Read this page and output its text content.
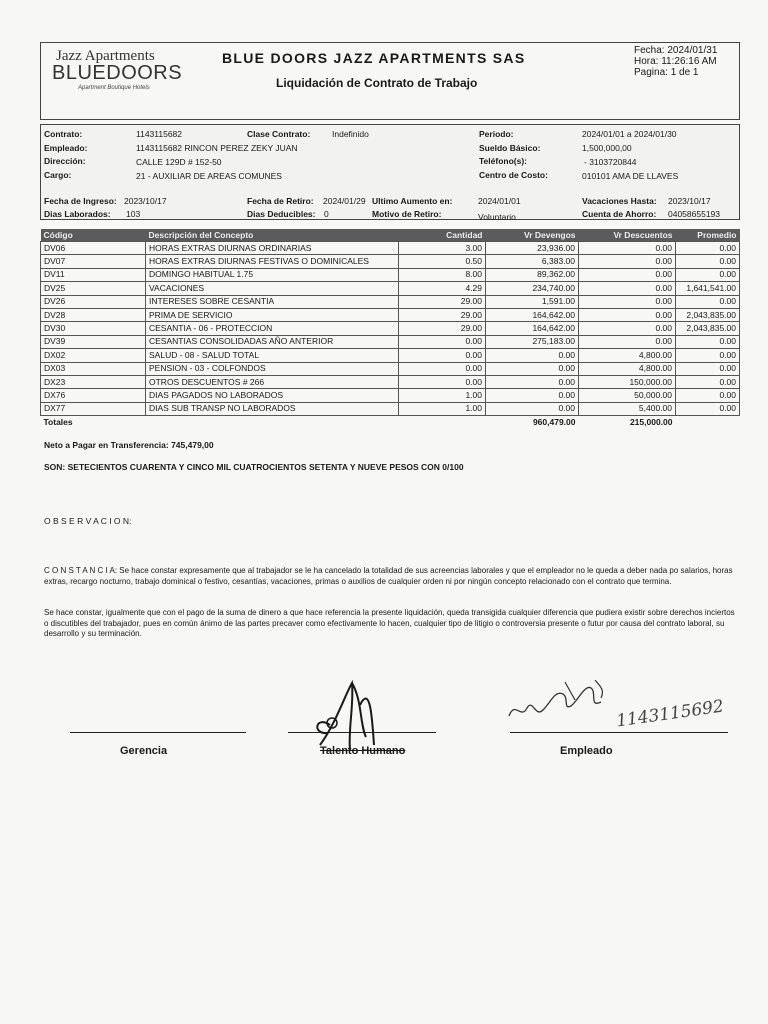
Jazz Apartments
BLUEDOORS
Apartment Boutique Hotels
BLUE DOORS JAZZ APARTMENTS SAS
Liquidación de Contrato de Trabajo
Fecha: 2024/01/31
Hora: 11:26:16 AM
Pagina: 1 de 1
Contrato:	1143115682	Clase Contrato:	Indefinido
Empleado:	1143115682 RINCON PEREZ ZEKY JUAN
Dirección:	CALLE 129D # 152-50
Cargo:	21 - AUXILIAR DE AREAS COMUNES
Periodo:	2024/01/01 a 2024/01/30
Sueldo Básico:	1,500,000,00
Teléfono(s):	- 3103720844
Centro de Costo:	010101 AMA DE LLAVES
Fecha de Ingreso: 2023/10/17
Dias Laborados: 103
Fecha de Retiro: 2024/01/29
Dias Deducibles: 0
Ultimo Aumento en:	2024/01/01
Motivo de Retiro:	Voluntario
Vacaciones Hasta: 2023/10/17
Cuenta de Ahorro: 04058655193
Código	Descripción del Concepto	Cantidad	Vr Devengos	Vr Descuentos	Promedio
DV06	HORAS EXTRAS DIURNAS ORDINARIAS	3.00	23,936.00	0.00	0.00
DV07	HORAS EXTRAS DIURNAS FESTIVAS O DOMINICALES	0.50	6,383.00	0.00	0.00
DV11	DOMINGO HABITUAL 1.75	8.00	89,362.00	0.00	0.00
DV25	VACACIONES	4.29	234,740.00	0.00	1,641,541.00
DV26	INTERESES SOBRE CESANTIA	29.00	1,591.00	0.00	0.00
DV28	PRIMA DE SERVICIO	29.00	164,642.00	0.00	2,043,835.00
DV30	CESANTIA - 06 - PROTECCION	29.00	164,642.00	0.00	2,043,835.00
DV39	CESANTIAS CONSOLIDADAS AÑO ANTERIOR	0.00	275,183.00	0.00	0.00
DX02	SALUD - 08 - SALUD TOTAL	0.00	0.00	4,800.00	0.00
DX03	PENSION - 03 - COLFONDOS	0.00	0.00	4,800.00	0.00
DX23	OTROS DESCUENTOS # 266	0.00	0.00	150,000.00	0.00
DX76	DIAS PAGADOS NO LABORADOS	1.00	0.00	50,000.00	0.00
DX77	DIAS SUB TRANSP NO LABORADOS	1.00	0.00	5,400.00	0.00
Totales			960,479.00	215,000.00	
Neto a Pagar en Transferencia: 745,479,00
SON: SETECIENTOS CUARENTA Y CINCO MIL CUATROCIENTOS SETENTA Y NUEVE PESOS CON 0/100
O B S E R V A C I O N:
C O N S T A N C I A: Se hace constar expresamente que al trabajador se le ha cancelado la totalidad de sus acreencias laborales y que el empleador no le queda a deber nada po salarios, horas extras, recargo nocturno, trabajo dominical o festivo, cesantías, vacaciones, primas o auxilios de cualquier orden ni por ningún concepto relacionado con el contrato que termina.
Se hace constar, igualmente que con el pago de la suma de dinero a que hace referencia la presente liquidación, queda transigida cualquier diferencia que pudiera existir sobre derechos inciertos o discutibles del trabajador, pues en común ánimo de las partes precaver como efectivamente lo hacen, cualquier tipo de litigio o controversia presente o futur por causa del contrato laboral, su desarrollo y su terminación.
Gerencia	Talento Humano	Empleado
1143115692
